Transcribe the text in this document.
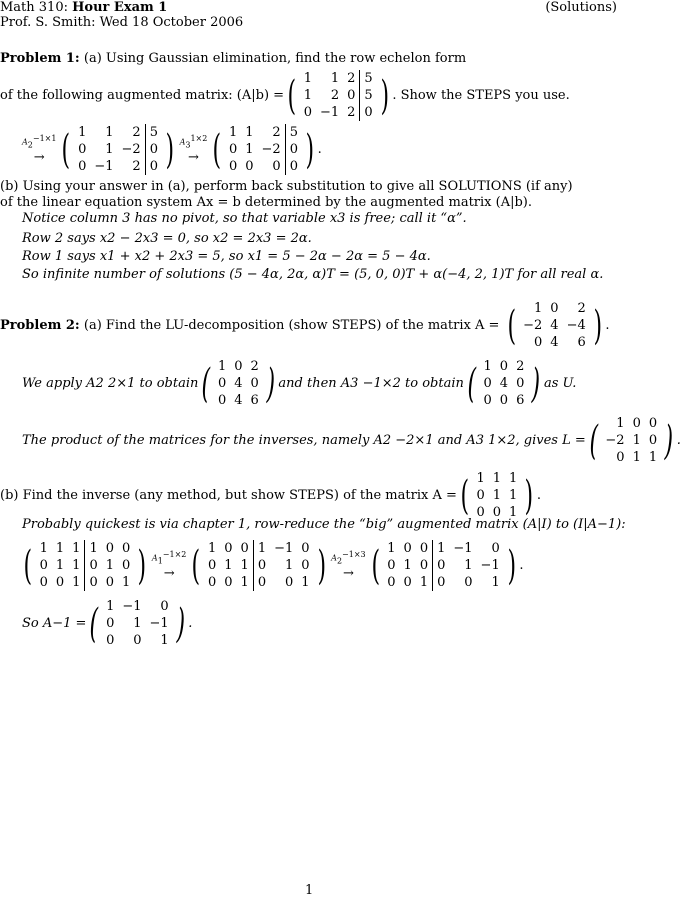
Math 310: Hour Exam 1	(Solutions)
Prof. S. Smith: Wed 18 October 2006
Problem 1: (a) Using Gaussian elimination, find the row echelon form
of the following augmented matrix: (A|b) = ( 1	1	2	5
1	2	0	5
0	−1	2	0 ) . Show the STEPS you use.
$A_2^{-1\times 1}$
→ ( 1	1	2	5
0	1	−2	0
0	−1	2	0 ) $A_3^{1\times 2}$
→ ( 1	1	2	5
0	1	−2	0
0	0	0	0 ) .
(b) Using your answer in (a), perform back substitution to give all SOLUTIONS (if any)
of the linear equation system Ax = b determined by the augmented matrix (A|b).
Notice column 3 has no pivot, so that variable x3 is free; call it “α”.
Row 2 says x2 − 2x3 = 0, so x2 = 2x3 = 2α.
Row 1 says x1 + x2 + 2x3 = 5, so x1 = 5 − 2α − 2α = 5 − 4α.
So infinite number of solutions (5 − 4α, 2α, α)T = (5, 0, 0)T + α(−4, 2, 1)T for all real α.
Problem 2: (a) Find the LU-decomposition (show STEPS) of the matrix A = ( 1	0	2
−2	4	−4
0	4	6 ) .
We apply A2 2×1 to obtain ( 1	0	2
0	4	0
0	4	6 ) and then A3 −1×2 to obtain ( 1	0	2
0	4	0
0	0	6 ) as U.
The product of the matrices for the inverses, namely A2 −2×1 and A3 1×2, gives L = ( 1	0	0
−2	1	0
0	1	1 ) .
(b) Find the inverse (any method, but show STEPS) of the matrix A = ( 1	1	1
0	1	1
0	0	1 ) .
Probably quickest is via chapter 1, row-reduce the “big” augmented matrix (A|I) to (I|A−1):
( 1	1	1	1	0	0
0	1	1	0	1	0
0	0	1	0	0	1 ) $A_1^{-1\times 2}$
→ ( 1	0	0	1	−1	0
0	1	1	0	1	0
0	0	1	0	0	1 ) $A_2^{-1\times 3}$
→ ( 1	0	0	1	−1	0
0	1	0	0	1	−1
0	0	1	0	0	1 ) .
So A−1 = ( 1	−1	0
0	1	−1
0	0	1 ) .
1
